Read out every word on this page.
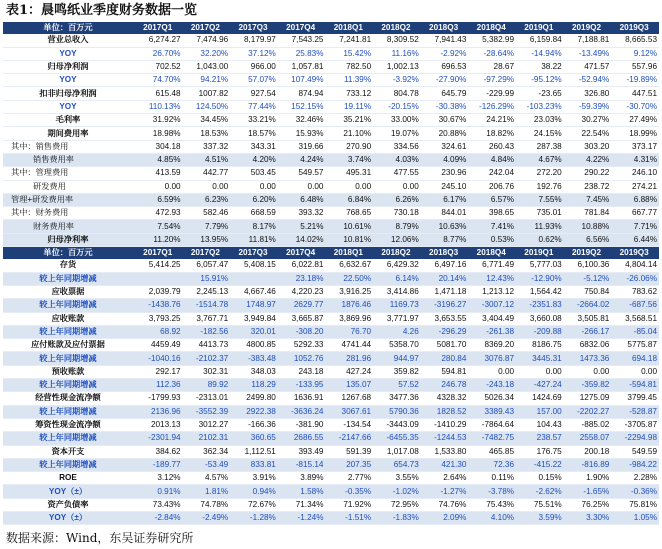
表1：晨鸣纸业季度财务数据一览
单位：百万元	2017Q1	2017Q2	2017Q3	2017Q4	2018Q1	2018Q2	2018Q3	2018Q4	2019Q1	2019Q2	2019Q3
营业总收入	6,274.27	7,474.96	8,179.97	7,543.25	7,241.81	8,309.52	7,941.43	5,382.99	6,159.84	7,188.81	8,665.53
YOY	26.70%	32.20%	37.12%	25.83%	15.42%	11.16%	-2.92%	-28.64%	-14.94%	-13.49%	9.12%
归母净利润	702.52	1,043.00	966.00	1,057.81	782.50	1,002.13	696.53	28.67	38.22	471.57	557.96
YOY	74.70%	94.21%	57.07%	107.49%	11.39%	-3.92%	-27.90%	-97.29%	-95.12%	-52.94%	-19.89%
扣非归母净利润	615.48	1007.82	927.54	874.94	733.12	804.78	645.79	-229.99	-23.65	326.80	447.51
YOY	110.13%	124.50%	77.44%	152.15%	19.11%	-20.15%	-30.38%	-126.29%	-103.23%	-59.39%	-30.70%
毛利率	31.92%	34.45%	33.21%	32.46%	35.21%	33.00%	30.67%	24.21%	23.03%	30.27%	27.49%
期间费用率	18.98%	18.53%	18.57%	15.93%	21.10%	19.07%	20.88%	18.82%	24.15%	22.54%	18.99%
其中：销售费用	304.18	337.32	343.31	319.66	270.90	334.56	324.61	260.43	287.38	303.20	373.17
销售费用率	4.85%	4.51%	4.20%	4.24%	3.74%	4.03%	4.09%	4.84%	4.67%	4.22%	4.31%
其中：管理费用	413.59	442.77	503.45	549.57	495.31	477.55	230.96	242.04	272.20	290.22	246.10
研发费用	0.00	0.00	0.00	0.00	0.00	0.00	245.10	206.76	192.76	238.72	274.21
管理+研发费用率	6.59%	6.23%	6.20%	6.48%	6.84%	6.26%	6.17%	6.57%	7.55%	7.45%	6.88%
其中：财务费用	472.93	582.46	668.59	393.32	768.65	730.18	844.01	398.65	735.01	781.84	667.77
财务费用率	7.54%	7.79%	8.17%	5.21%	10.61%	8.79%	10.63%	7.41%	11.93%	10.88%	7.71%
归母净利率	11.20%	13.95%	11.81%	14.02%	10.81%	12.06%	8.77%	0.53%	0.62%	6.56%	6.44%
单位：百万元	2017Q1	2017Q2	2017Q3	2017Q4	2018Q1	2018Q2	2018Q3	2018Q4	2019Q1	2019Q2	2019Q3
存货	5,414.25	6,057.47	5,408.15	6,022.81	6,632.67	6,429.32	6,497.16	6,771.49	5,777.03	6,100.36	4,804.14
较上年同期增减		15.91%		23.18%	22.50%	6.14%	20.14%	12.43%	-12.90%	-5.12%	-26.06%
应收票据	2,039.79	2,245.13	4,667.46	4,220.23	3,916.25	3,414.86	1,471.18	1,213.12	1,564.42	750.84	783.62
较上年同期增减	-1438.76	-1514.78	1748.97	2629.77	1876.46	1169.73	-3196.27	-3007.12	-2351.83	-2664.02	-687.56
应收账款	3,793.25	3,767.71	3,949.84	3,665.87	3,869.96	3,771.97	3,653.55	3,404.49	3,660.08	3,505.81	3,568.51
较上年同期增减	68.92	-182.56	320.01	-308.20	76.70	4.26	-296.29	-261.38	-209.88	-266.17	-85.04
应付账款及应付票据	4459.49	4413.73	4800.85	5292.33	4741.44	5358.70	5081.70	8369.20	8186.75	6832.06	5775.87
较上年同期增减	-1040.16	-2102.37	-383.48	1052.76	281.96	944.97	280.84	3076.87	3445.31	1473.36	694.18
预收账款	292.17	302.31	348.03	243.18	427.24	359.82	594.81	0.00	0.00	0.00	0.00
较上年同期增减	112.36	89.92	118.29	-133.95	135.07	57.52	246.78	-243.18	-427.24	-359.82	-594.81
经营性现金流净额	-1799.93	-2313.01	2499.80	1636.91	1267.68	3477.36	4328.32	5026.34	1424.69	1275.09	3799.45
较上年同期增减	2136.96	-3552.39	2922.38	-3636.24	3067.61	5790.36	1828.52	3389.43	157.00	-2202.27	-528.87
筹资性现金流净额	2013.13	3012.27	-166.36	-381.90	-134.54	-3443.09	-1410.29	-7864.64	104.43	-885.02	-3705.87
较上年同期增减	-2301.94	2102.31	360.65	2686.55	-2147.66	-6455.35	-1244.53	-7482.75	238.57	2558.07	-2294.98
资本开支	384.62	362.34	1,112.51	393.49	591.39	1,017.08	1,533.80	465.85	176.75	200.18	549.59
较上年同期增减	-189.77	-53.49	833.81	-815.14	207.35	654.73	421.30	72.36	-415.22	-816.89	-984.22
ROE	3.12%	4.57%	3.91%	3.89%	2.77%	3.55%	2.64%	0.11%	0.15%	1.90%	2.28%
YOY（±）	0.91%	1.81%	0.94%	1.58%	-0.35%	-1.02%	-1.27%	-3.78%	-2.62%	-1.65%	-0.36%
资产负债率	73.43%	74.78%	72.67%	71.34%	71.92%	72.95%	74.76%	75.43%	75.51%	76.25%	75.81%
YOY（±）	-2.84%	-2.49%	-1.28%	-1.24%	-1.51%	-1.83%	2.09%	4.10%	3.59%	3.30%	1.05%
数据来源：Wind，东吴证券研究所
